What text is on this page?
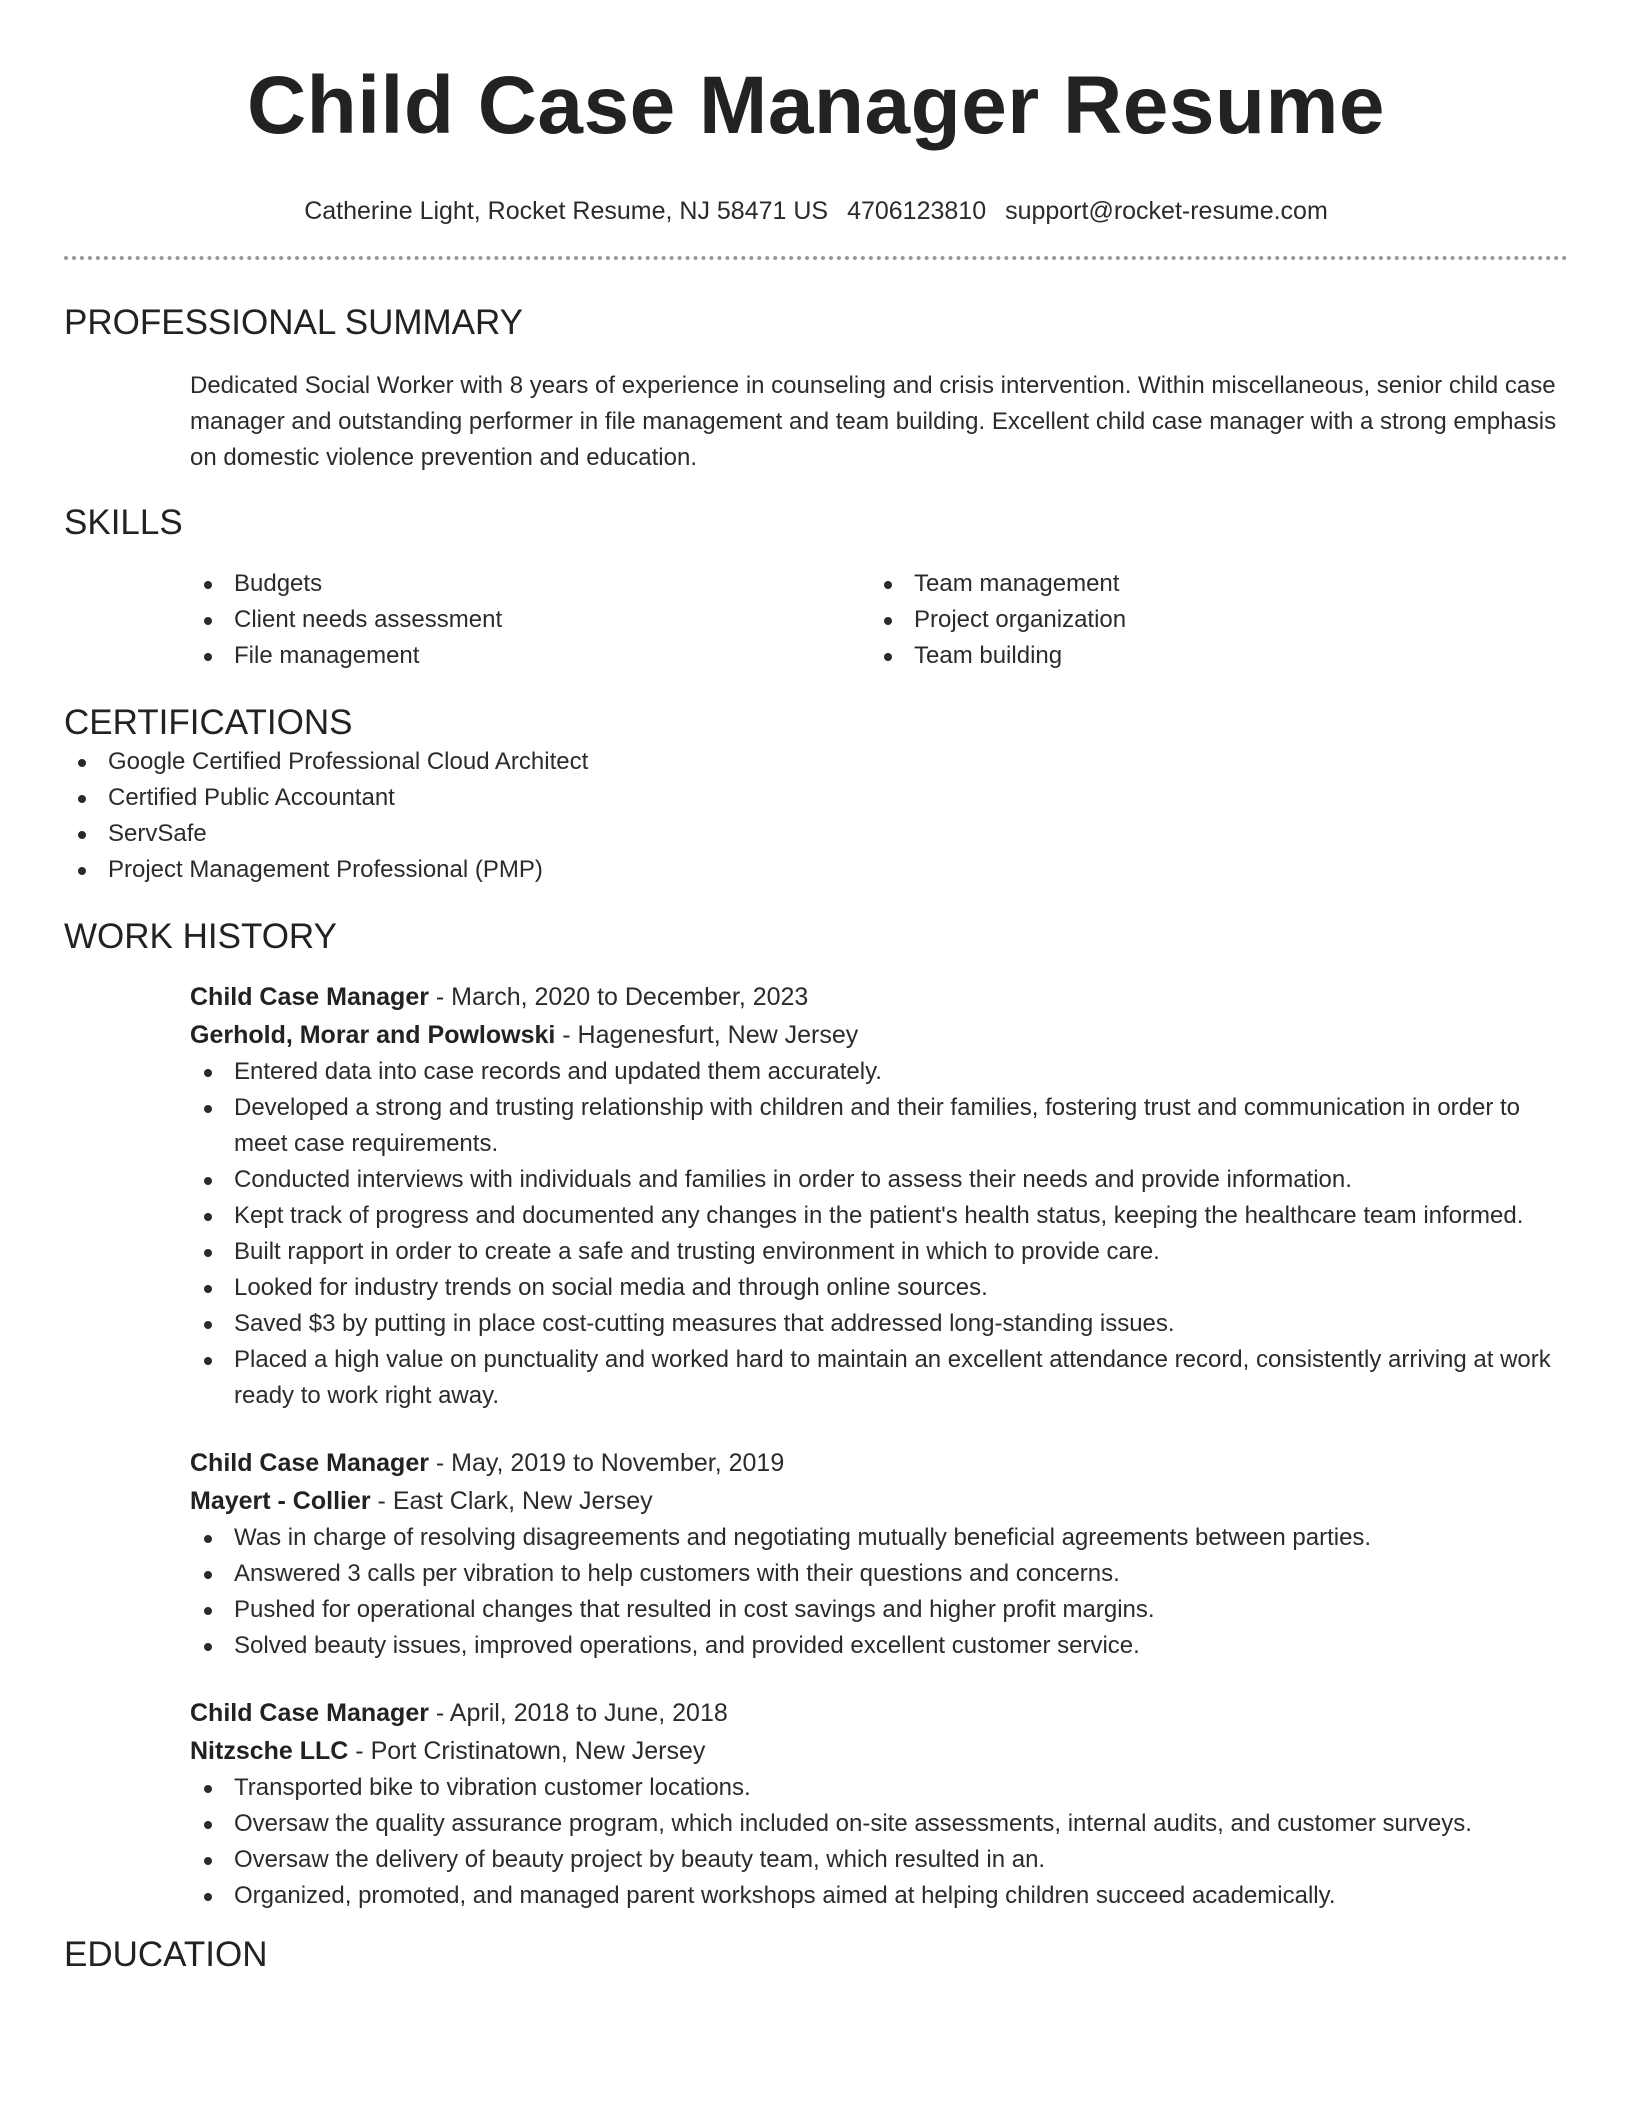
Child Case Manager Resume
Catherine Light, Rocket Resume, NJ 58471 US 4706123810 support@rocket-resume.com
PROFESSIONAL SUMMARY

Dedicated Social Worker with 8 years of experience in counseling and crisis intervention. Within miscellaneous, senior child case manager and outstanding performer in file management and team building. Excellent child case manager with a strong emphasis on domestic violence prevention and education.

SKILLS
Budgets
Client needs assessment
File management
Team management
Project organization
Team building
CERTIFICATIONS
Google Certified Professional Cloud Architect
Certified Public Accountant
ServSafe
Project Management Professional (PMP)
WORK HISTORY
Child Case Manager - March, 2020 to December, 2023
Gerhold, Morar and Powlowski - Hagenesfurt, New Jersey
Entered data into case records and updated them accurately.
Developed a strong and trusting relationship with children and their families, fostering trust and communication in order to meet case requirements.
Conducted interviews with individuals and families in order to assess their needs and provide information.
Kept track of progress and documented any changes in the patient's health status, keeping the healthcare team informed.
Built rapport in order to create a safe and trusting environment in which to provide care.
Looked for industry trends on social media and through online sources.
Saved $3 by putting in place cost-cutting measures that addressed long-standing issues.
Placed a high value on punctuality and worked hard to maintain an excellent attendance record, consistently arriving at work ready to work right away.
Child Case Manager - May, 2019 to November, 2019
Mayert - Collier - East Clark, New Jersey
Was in charge of resolving disagreements and negotiating mutually beneficial agreements between parties.
Answered 3 calls per vibration to help customers with their questions and concerns.
Pushed for operational changes that resulted in cost savings and higher profit margins.
Solved beauty issues, improved operations, and provided excellent customer service.
Child Case Manager - April, 2018 to June, 2018
Nitzsche LLC - Port Cristinatown, New Jersey
Transported bike to vibration customer locations.
Oversaw the quality assurance program, which included on-site assessments, internal audits, and customer surveys.
Oversaw the delivery of beauty project by beauty team, which resulted in an.
Organized, promoted, and managed parent workshops aimed at helping children succeed academically.
EDUCATION
